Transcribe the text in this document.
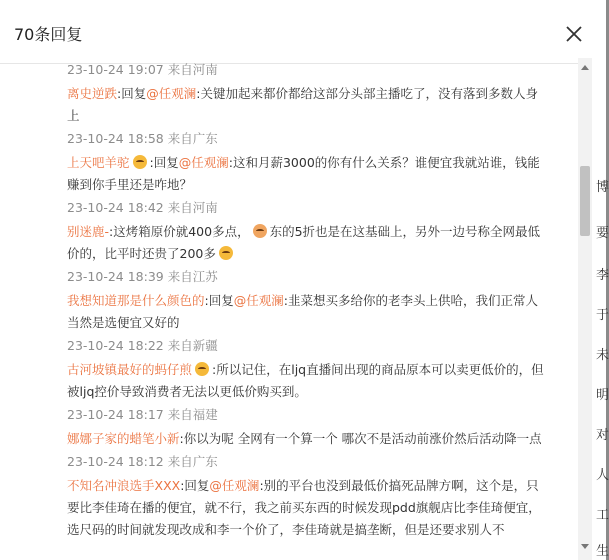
博
要
李
于
未
明
对
人
工
生
70条回复
23-10-24 19:07 来自河南
离史逆跌:回复@任观澜:关键加起来都价都给这部分头部主播吃了，没有落到多数人身上
23-10-24 18:58 来自广东
上天吧羊驼 :回复@任观澜:这和月薪3000的你有什么关系？谁便宜我就站谁，钱能赚到你手里还是咋地？
23-10-24 18:42 来自河南
别迷鹿-:这烤箱原价就400多点， 东的5折也是在这基础上，另外一边号称全网最低价的，比平时还贵了200多
23-10-24 18:39 来自江苏
我想知道那是什么颜色的:回复@任观澜:韭菜想买多给你的老李头上供哈，我们正常人当然是选便宜又好的
23-10-24 18:22 来自新疆
古河坡镇最好的蚂仔煎 :所以记住，在ljq直播间出现的商品原本可以卖更低价的，但被ljq控价导致消费者无法以更低价购买到。
23-10-24 18:17 来自福建
娜娜子家的蜡笔小新:你以为呢 全网有一个算一个 哪次不是活动前涨价然后活动降一点
23-10-24 18:12 来自广东
不知名冲浪选手XXX:回复@任观澜:别的平台也没到最低价搞死品牌方啊，这个是，只要比李佳琦在播的便宜，就不行，我之前买东西的时候发现pdd旗舰店比李佳琦便宜，选尺码的时间就发现改成和李一个价了，李佳琦就是搞垄断，但是还要求别人不
